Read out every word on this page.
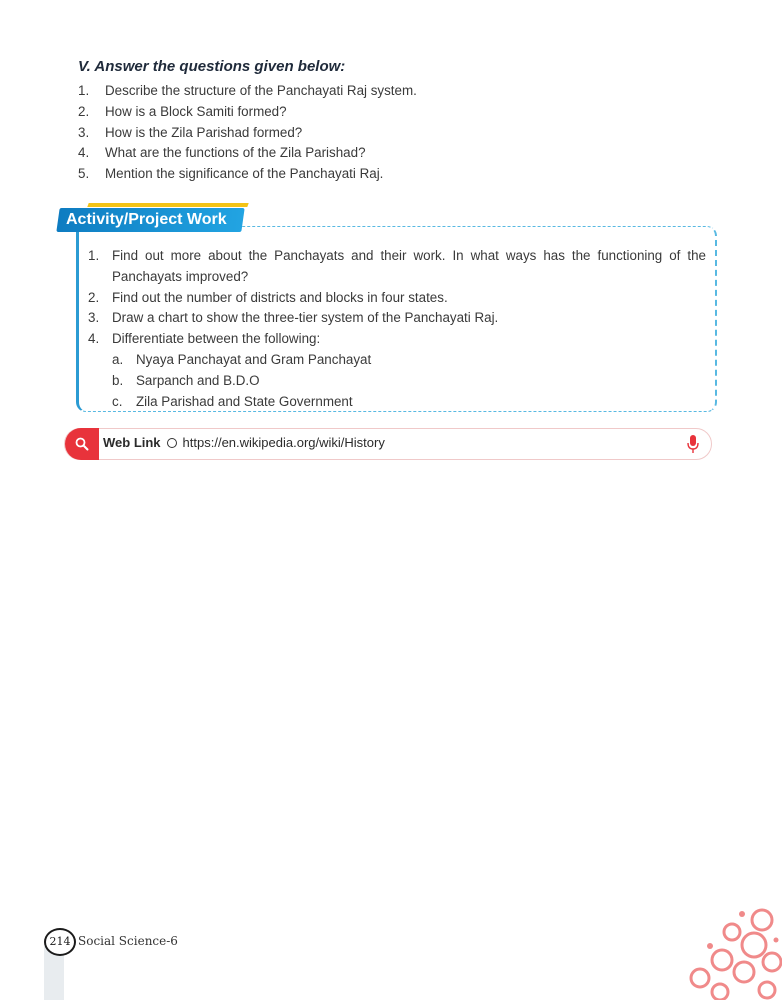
V. Answer the questions given below:

1.	Describe the structure of the Panchayati Raj system.
2.	How is a Block Samiti formed?
3.	How is the Zila Parishad formed?
4.	What are the functions of the Zila Parishad?
5.	Mention the significance of the Panchayati Raj.
Activity/Project Work
1. Find out more about the Panchayats and their work. In what ways has the functioning of the Panchayats improved?
2. Find out the number of districts and blocks in four states.
3. Draw a chart to show the three-tier system of the Panchayati Raj.
4. Differentiate between the following:
a. Nyaya Panchayat and Gram Panchayat
b. Sarpanch and B.D.O
c.	Zila Parishad and State Government
Web Link https://en.wikipedia.org/wiki/History
214 Social Science-6
